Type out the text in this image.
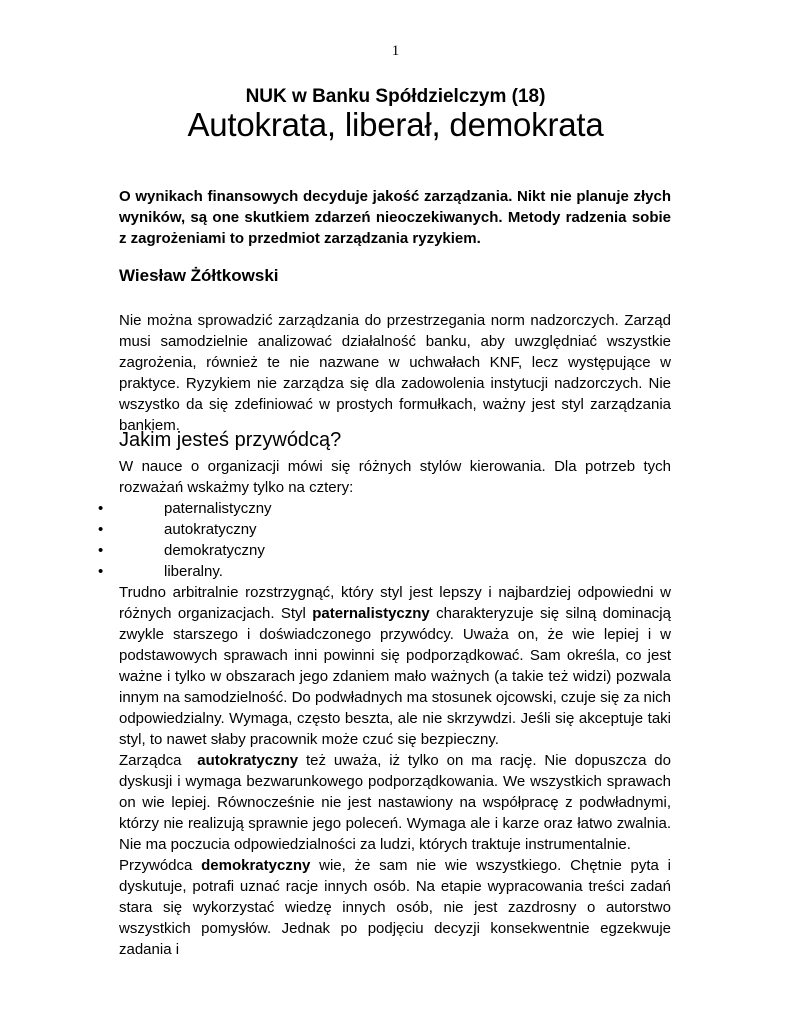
1
NUK w Banku Spółdzielczym (18)
Autokrata, liberał, demokrata
O wynikach finansowych decyduje jakość zarządzania. Nikt nie planuje złych wyników, są one skutkiem zdarzeń nieoczekiwanych. Metody radzenia sobie z zagrożeniami to przedmiot zarządzania ryzykiem.
Wiesław Żółtkowski
Nie można sprowadzić zarządzania do przestrzegania norm nadzorczych. Zarząd musi samodzielnie analizować działalność banku, aby uwzględniać wszystkie zagrożenia, również te nie nazwane w uchwałach KNF, lecz występujące w praktyce. Ryzykiem nie zarządza się dla zadowolenia instytucji nadzorczych. Nie wszystko da się zdefiniować w prostych formułkach, ważny jest styl zarządzania bankiem.
Jakim jesteś przywódcą?

W nauce o organizacji mówi się różnych stylów kierowania. Dla potrzeb tych rozważań wskażmy tylko na cztery:

•	paternalistyczny
•	autokratyczny
•	demokratyczny
•	liberalny.

Trudno arbitralnie rozstrzygnąć, który styl jest lepszy i najbardziej odpowiedni w różnych organizacjach. Styl paternalistyczny charakteryzuje się silną dominacją zwykle starszego i doświadczonego przywódcy. Uważa on, że wie lepiej i w podstawowych sprawach inni powinni się podporządkować. Sam określa, co jest ważne i tylko w obszarach jego zdaniem mało ważnych (a takie też widzi) pozwala innym na samodzielność. Do podwładnych ma stosunek ojcowski, czuje się za nich odpowiedzialny. Wymaga, często beszta, ale nie skrzywdzi. Jeśli się akceptuje taki styl, to nawet słaby pracownik może czuć się bezpieczny.

Zarządca  autokratyczny też uważa, iż tylko on ma rację. Nie dopuszcza do dyskusji i wymaga bezwarunkowego podporządkowania. We wszystkich sprawach on wie lepiej. Równocześnie nie jest nastawiony na współpracę z podwładnymi, którzy nie realizują sprawnie jego poleceń. Wymaga ale i karze oraz łatwo zwalnia. Nie ma poczucia odpowiedzialności za ludzi, których traktuje instrumentalnie.

Przywódca demokratyczny wie, że sam nie wie wszystkiego. Chętnie pyta i dyskutuje, potrafi uznać racje innych osób. Na etapie wypracowania treści zadań stara się wykorzystać wiedzę innych osób, nie jest zazdrosny o autorstwo wszystkich pomysłów. Jednak po podjęciu decyzji konsekwentnie egzekwuje zadania i
